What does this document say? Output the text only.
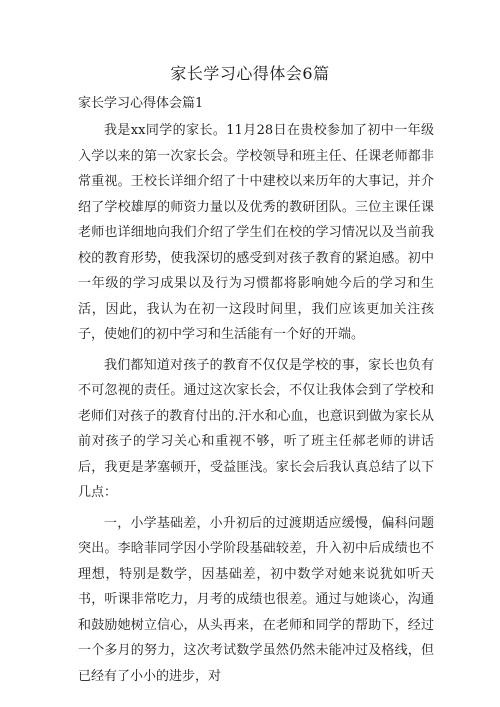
家长学习心得体会6篇
家长学习心得体会篇1

我是xx同学的家长。11月28日在贵校参加了初中一年级入学以来的第一次家长会。学校领导和班主任、任课老师都非常重视。王校长详细介绍了十中建校以来历年的大事记，并介绍了学校雄厚的师资力量以及优秀的教研团队。三位主课任课老师也详细地向我们介绍了学生们在校的学习情况以及当前我校的教育形势，使我深切的感受到对孩子教育的紧迫感。初中一年级的学习成果以及行为习惯都将影响她今后的学习和生活，因此，我认为在初一这段时间里，我们应该更加关注孩子，使她们的初中学习和生活能有一个好的开端。

我们都知道对孩子的教育不仅仅是学校的事，家长也负有不可忽视的责任。通过这次家长会，不仅让我体会到了学校和老师们对孩子的教育付出的.汗水和心血，也意识到做为家长从前对孩子的学习关心和重视不够，听了班主任郝老师的讲话后，我更是茅塞顿开，受益匪浅。家长会后我认真总结了以下几点：

一，小学基础差，小升初后的过渡期适应缓慢，偏科问题突出。李晗菲同学因小学阶段基础较差，升入初中后成绩也不理想，特别是数学，因基础差，初中数学对她来说犹如听天书，听课非常吃力，月考的成绩也很差。通过与她谈心，沟通和鼓励她树立信心，从头再来，在老师和同学的帮助下，经过一个多月的努力，这次考试数学虽然仍然未能冲过及格线，但已经有了小小的进步，对
